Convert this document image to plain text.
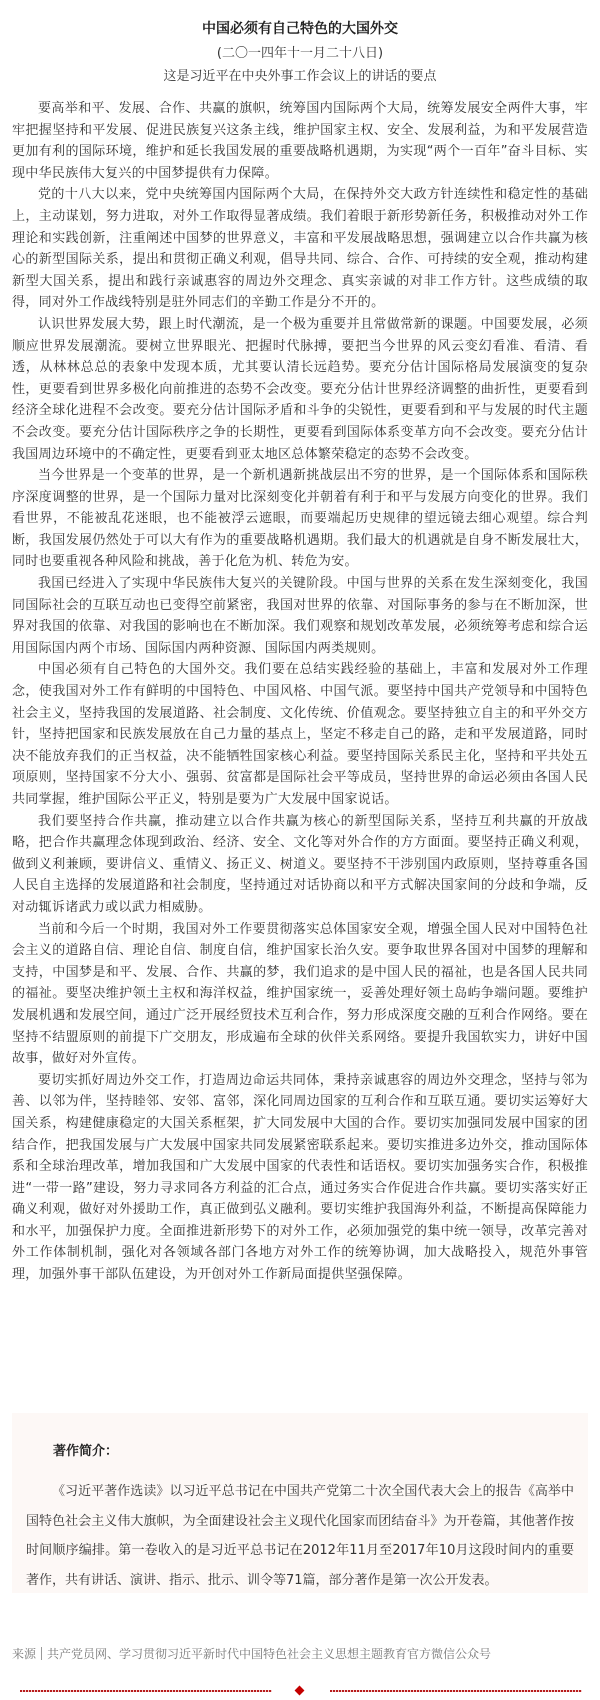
中国必须有自己特色的大国外交
(二〇一四年十一月二十八日)
这是习近平在中央外事工作会议上的讲话的要点

要高举和平、发展、合作、共赢的旗帜，统筹国内国际两个大局，统筹发展安全两件大事，牢牢把握坚持和平发展、促进民族复兴这条主线，维护国家主权、安全、发展利益，为和平发展营造更加有利的国际环境，维护和延长我国发展的重要战略机遇期，为实现“两个一百年”奋斗目标、实现中华民族伟大复兴的中国梦提供有力保障。

党的十八大以来，党中央统筹国内国际两个大局，在保持外交大政方针连续性和稳定性的基础上，主动谋划，努力进取，对外工作取得显著成绩。我们着眼于新形势新任务，积极推动对外工作理论和实践创新，注重阐述中国梦的世界意义，丰富和平发展战略思想，强调建立以合作共赢为核心的新型国际关系，提出和贯彻正确义利观，倡导共同、综合、合作、可持续的安全观，推动构建新型大国关系，提出和践行亲诚惠容的周边外交理念、真实亲诚的对非工作方针。这些成绩的取得，同对外工作战线特别是驻外同志们的辛勤工作是分不开的。

认识世界发展大势，跟上时代潮流，是一个极为重要并且常做常新的课题。中国要发展，必须顺应世界发展潮流。要树立世界眼光、把握时代脉搏，要把当今世界的风云变幻看准、看清、看透，从林林总总的表象中发现本质，尤其要认清长远趋势。要充分估计国际格局发展演变的复杂性，更要看到世界多极化向前推进的态势不会改变。要充分估计世界经济调整的曲折性，更要看到经济全球化进程不会改变。要充分估计国际矛盾和斗争的尖锐性，更要看到和平与发展的时代主题不会改变。要充分估计国际秩序之争的长期性，更要看到国际体系变革方向不会改变。要充分估计我国周边环境中的不确定性，更要看到亚太地区总体繁荣稳定的态势不会改变。

当今世界是一个变革的世界，是一个新机遇新挑战层出不穷的世界，是一个国际体系和国际秩序深度调整的世界，是一个国际力量对比深刻变化并朝着有利于和平与发展方向变化的世界。我们看世界，不能被乱花迷眼，也不能被浮云遮眼，而要端起历史规律的望远镜去细心观望。综合判断，我国发展仍然处于可以大有作为的重要战略机遇期。我们最大的机遇就是自身不断发展壮大，同时也要重视各种风险和挑战，善于化危为机、转危为安。

我国已经进入了实现中华民族伟大复兴的关键阶段。中国与世界的关系在发生深刻变化，我国同国际社会的互联互动也已变得空前紧密，我国对世界的依靠、对国际事务的参与在不断加深，世界对我国的依靠、对我国的影响也在不断加深。我们观察和规划改革发展，必须统筹考虑和综合运用国际国内两个市场、国际国内两种资源、国际国内两类规则。

中国必须有自己特色的大国外交。我们要在总结实践经验的基础上，丰富和发展对外工作理念，使我国对外工作有鲜明的中国特色、中国风格、中国气派。要坚持中国共产党领导和中国特色社会主义，坚持我国的发展道路、社会制度、文化传统、价值观念。要坚持独立自主的和平外交方针，坚持把国家和民族发展放在自己力量的基点上，坚定不移走自己的路，走和平发展道路，同时决不能放弃我们的正当权益，决不能牺牲国家核心利益。要坚持国际关系民主化，坚持和平共处五项原则，坚持国家不分大小、强弱、贫富都是国际社会平等成员，坚持世界的命运必须由各国人民共同掌握，维护国际公平正义，特别是要为广大发展中国家说话。

我们要坚持合作共赢，推动建立以合作共赢为核心的新型国际关系，坚持互利共赢的开放战略，把合作共赢理念体现到政治、经济、安全、文化等对外合作的方方面面。要坚持正确义利观，做到义利兼顾，要讲信义、重情义、扬正义、树道义。要坚持不干涉别国内政原则，坚持尊重各国人民自主选择的发展道路和社会制度，坚持通过对话协商以和平方式解决国家间的分歧和争端，反对动辄诉诸武力或以武力相威胁。

当前和今后一个时期，我国对外工作要贯彻落实总体国家安全观，增强全国人民对中国特色社会主义的道路自信、理论自信、制度自信，维护国家长治久安。要争取世界各国对中国梦的理解和支持，中国梦是和平、发展、合作、共赢的梦，我们追求的是中国人民的福祉，也是各国人民共同的福祉。要坚决维护领土主权和海洋权益，维护国家统一，妥善处理好领土岛屿争端问题。要维护发展机遇和发展空间，通过广泛开展经贸技术互利合作，努力形成深度交融的互利合作网络。要在坚持不结盟原则的前提下广交朋友，形成遍布全球的伙伴关系网络。要提升我国软实力，讲好中国故事，做好对外宣传。

要切实抓好周边外交工作，打造周边命运共同体，秉持亲诚惠容的周边外交理念，坚持与邻为善、以邻为伴，坚持睦邻、安邻、富邻，深化同周边国家的互利合作和互联互通。要切实运筹好大国关系，构建健康稳定的大国关系框架，扩大同发展中大国的合作。要切实加强同发展中国家的团结合作，把我国发展与广大发展中国家共同发展紧密联系起来。要切实推进多边外交，推动国际体系和全球治理改革，增加我国和广大发展中国家的代表性和话语权。要切实加强务实合作，积极推进“一带一路”建设，努力寻求同各方利益的汇合点，通过务实合作促进合作共赢。要切实落实好正确义利观，做好对外援助工作，真正做到弘义融利。要切实维护我国海外利益，不断提高保障能力和水平，加强保护力度。全面推进新形势下的对外工作，必须加强党的集中统一领导，改革完善对外工作体制机制，强化对各领域各部门各地方对外工作的统筹协调，加大战略投入，规范外事管理，加强外事干部队伍建设，为开创对外工作新局面提供坚强保障。

著作简介：

《习近平著作选读》以习近平总书记在中国共产党第二十次全国代表大会上的报告《高举中国特色社会主义伟大旗帜，为全面建设社会主义现代化国家而团结奋斗》为开卷篇，其他著作按时间顺序编排。第一卷收入的是习近平总书记在2012年11月至2017年10月这段时间内的重要著作，共有讲话、演讲、指示、批示、训令等71篇，部分著作是第一次公开发表。

来源 共产党员网、学习贯彻习近平新时代中国特色社会主义思想主题教育官方微信公众号
